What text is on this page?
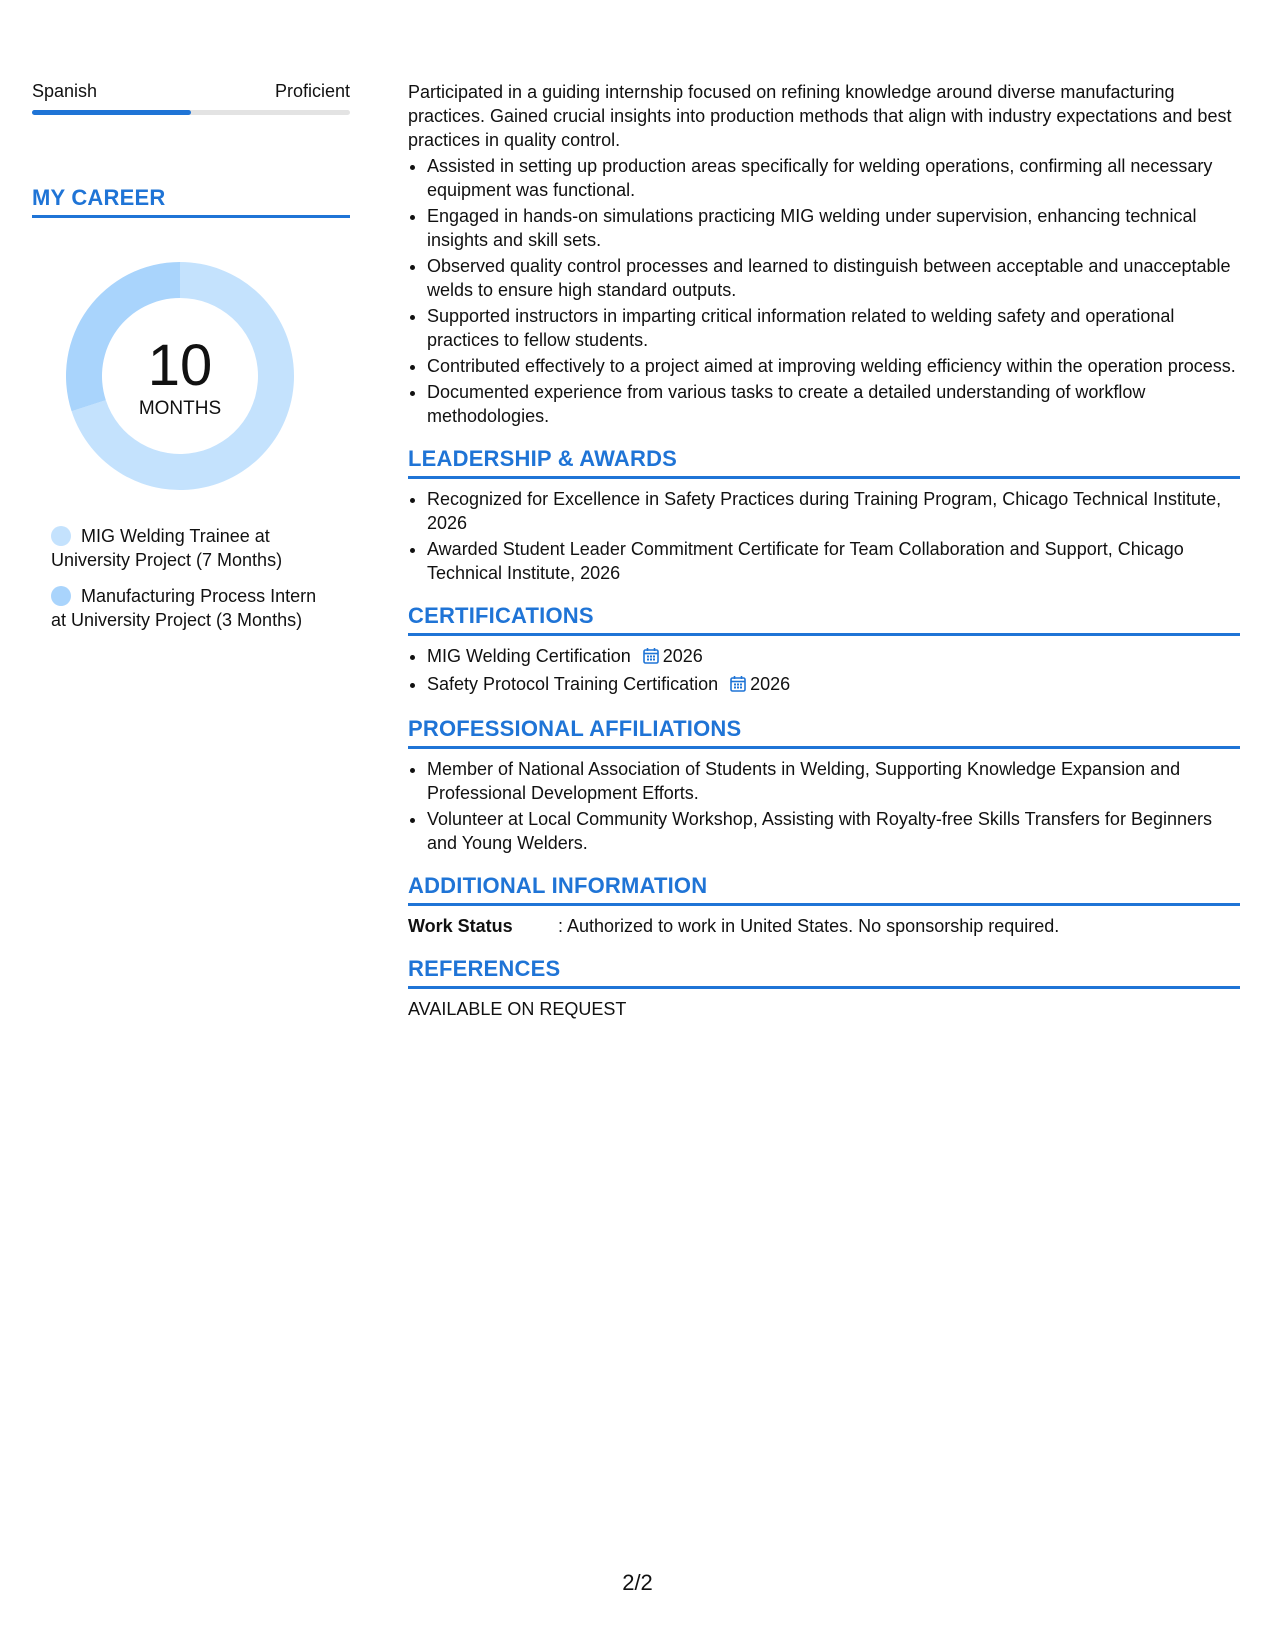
Spanish	Proficient
MY CAREER
10
MONTHS
MIG Welding Trainee at University Project (7 Months)
Manufacturing Process Intern at University Project (3 Months)

Participated in a guiding internship focused on refining knowledge around diverse manufacturing practices. Gained crucial insights into production methods that align with industry expectations and best practices in quality control.

• Assisted in setting up production areas specifically for welding operations, confirming all necessary equipment was functional.
• Engaged in hands-on simulations practicing MIG welding under supervision, enhancing technical insights and skill sets.
• Observed quality control processes and learned to distinguish between acceptable and unacceptable welds to ensure high standard outputs.
• Supported instructors in imparting critical information related to welding safety and operational practices to fellow students.
• Contributed effectively to a project aimed at improving welding efficiency within the operation process.
• Documented experience from various tasks to create a detailed understanding of workflow methodologies.
LEADERSHIP & AWARDS
• Recognized for Excellence in Safety Practices during Training Program, Chicago Technical Institute, 2026
• Awarded Student Leader Commitment Certificate for Team Collaboration and Support, Chicago Technical Institute, 2026
CERTIFICATIONS
• MIG Welding Certification 2026
• Safety Protocol Training Certification 2026
PROFESSIONAL AFFILIATIONS
• Member of National Association of Students in Welding, Supporting Knowledge Expansion and Professional Development Efforts.
• Volunteer at Local Community Workshop, Assisting with Royalty-free Skills Transfers for Beginners and Young Welders.
ADDITIONAL INFORMATION
Work Status	: Authorized to work in United States. No sponsorship required.
REFERENCES
AVAILABLE ON REQUEST
2/2
